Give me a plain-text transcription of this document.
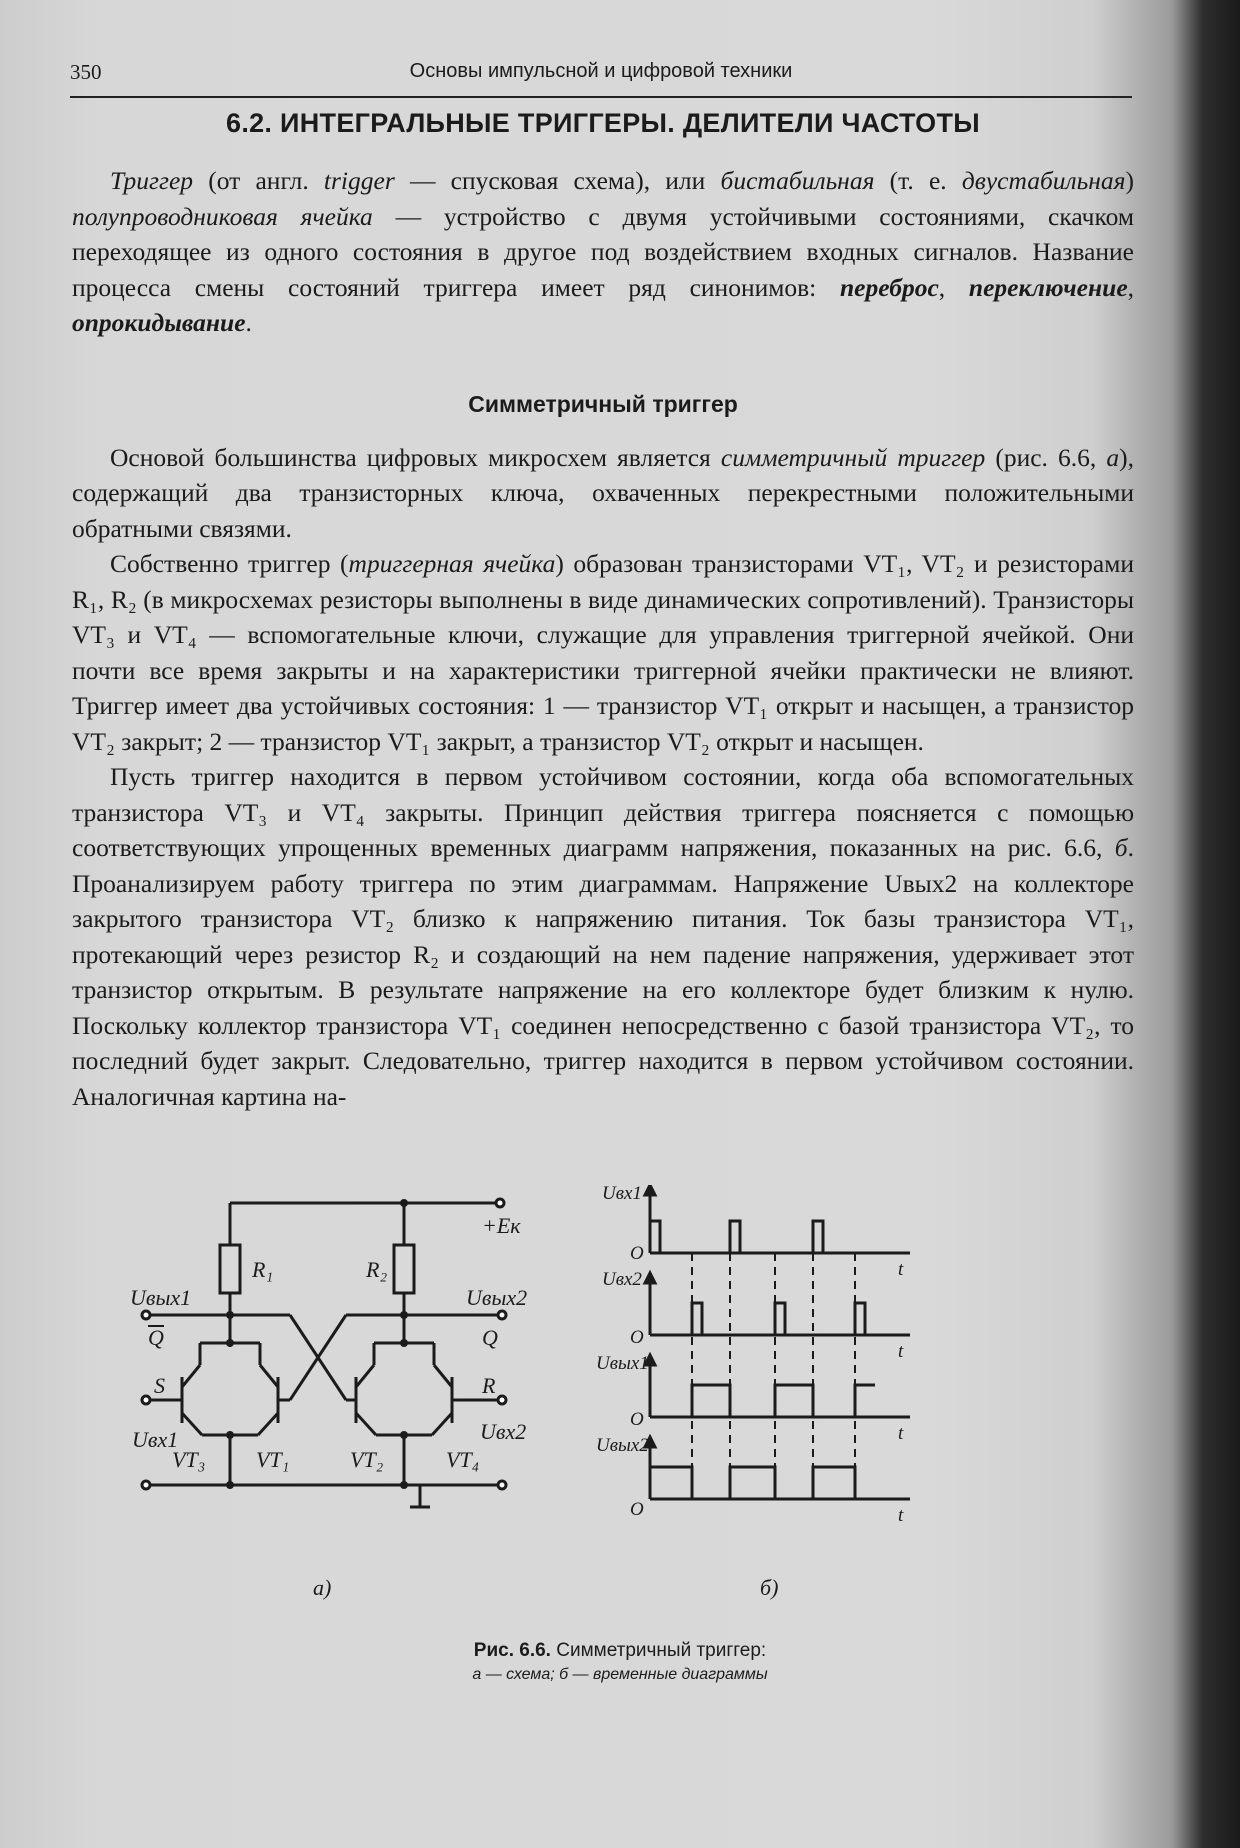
350	Основы импульсной и цифровой техники
6.2. ИНТЕГРАЛЬНЫЕ ТРИГГЕРЫ. ДЕЛИТЕЛИ ЧАСТОТЫ

Триггер (от англ. trigger — спусковая схема), или бистабильная (т. е. двустабильная) полупроводниковая ячейка — устройство с двумя устойчивыми состояниями, скачком переходящее из одного состояния в другое под воздействием входных сигналов. Название процесса смены состояний триггера имеет ряд синонимов: переброс, переключение, опрокидывание.

Симметричный триггер

Основой большинства цифровых микросхем является симметричный триггер (рис. 6.6, а), содержащий два транзисторных ключа, охваченных перекрестными положительными обратными связями.

Собственно триггер (триггерная ячейка) образован транзисторами VT₁, VT₂ и резисторами R₁, R₂ (в микросхемах резисторы выполнены в виде динамических сопротивлений). Транзисторы VT₃ и VT₄ — вспомогательные ключи, служащие для управления триггерной ячейкой. Они почти все время закрыты и на характеристики триггерной ячейки практически не влияют. Триггер имеет два устойчивых состояния: 1 — транзистор VT₁ открыт и насыщен, а транзистор VT₂ закрыт; 2 — транзистор VT₁ закрыт, а транзистор VT₂ открыт и насыщен.

Пусть триггер находится в первом устойчивом состоянии, когда оба вспомогательных транзистора VT₃ и VT₄ закрыты. Принцип действия триггера поясняется с помощью соответствующих упрощенных временных диаграмм напряжения, показанных на рис. 6.6, б. Проанализируем работу триггера по этим диаграммам. Напряжение Uвых2 на коллекторе закрытого транзистора VT₂ близко к напряжению питания. Ток базы транзистора VT₁, протекающий через резистор R₂ и создающий на нем падение напряжения, удерживает этот транзистор открытым. В результате напряжение на его коллекторе будет близким к нулю. Поскольку коллектор транзистора VT₁ соединен непосредственно с базой транзистора VT₂, то последний будет закрыт. Следовательно, триггер находится в первом устойчивом состоянии. Аналогичная картина на-

+Eк
R₁	R₂
Uвых1	Uвых2
Q	Q
S	R
Uвх1	Uвх2
VT₃ VT₁	VT₂	VT₄
Uвх1
Uвх2
Uвых1
Uвых2
O
O
O
O
t
t
t
t
а)	б)
Рис. 6.6. Симметричный триггер:
а — схема; б — временные диаграммы
